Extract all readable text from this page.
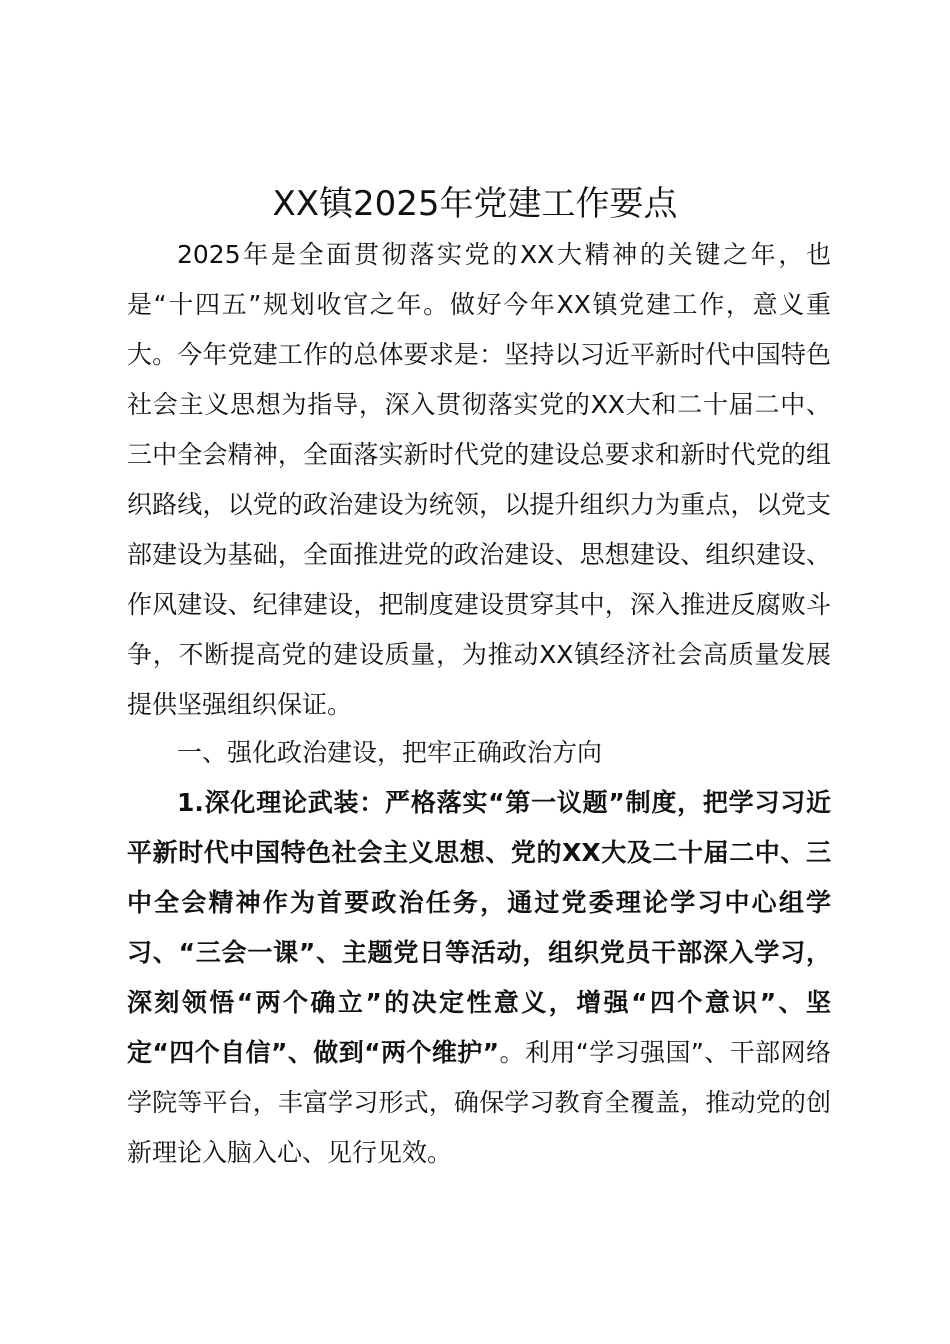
XX镇2025年党建工作要点

2025年是全面贯彻落实党的XX大精神的关键之年，也是“十四五”规划收官之年。做好今年XX镇党建工作，意义重大。今年党建工作的总体要求是：坚持以习近平新时代中国特色社会主义思想为指导，深入贯彻落实党的XX大和二十届二中、三中全会精神，全面落实新时代党的建设总要求和新时代党的组织路线，以党的政治建设为统领，以提升组织力为重点，以党支部建设为基础，全面推进党的政治建设、思想建设、组织建设、作风建设、纪律建设，把制度建设贯穿其中，深入推进反腐败斗争，不断提高党的建设质量，为推动XX镇经济社会高质量发展提供坚强组织保证。

一、强化政治建设，把牢正确政治方向

1.深化理论武装：严格落实“第一议题”制度，把学习习近平新时代中国特色社会主义思想、党的XX大及二十届二中、三中全会精神作为首要政治任务，通过党委理论学习中心组学习、“三会一课”、主题党日等活动，组织党员干部深入学习，深刻领悟“两个确立”的决定性意义，增强“四个意识”、坚定“四个自信”、做到“两个维护”。利用“学习强国”、干部网络学院等平台，丰富学习形式，确保学习教育全覆盖，推动党的创新理论入脑入心、见行见效。
